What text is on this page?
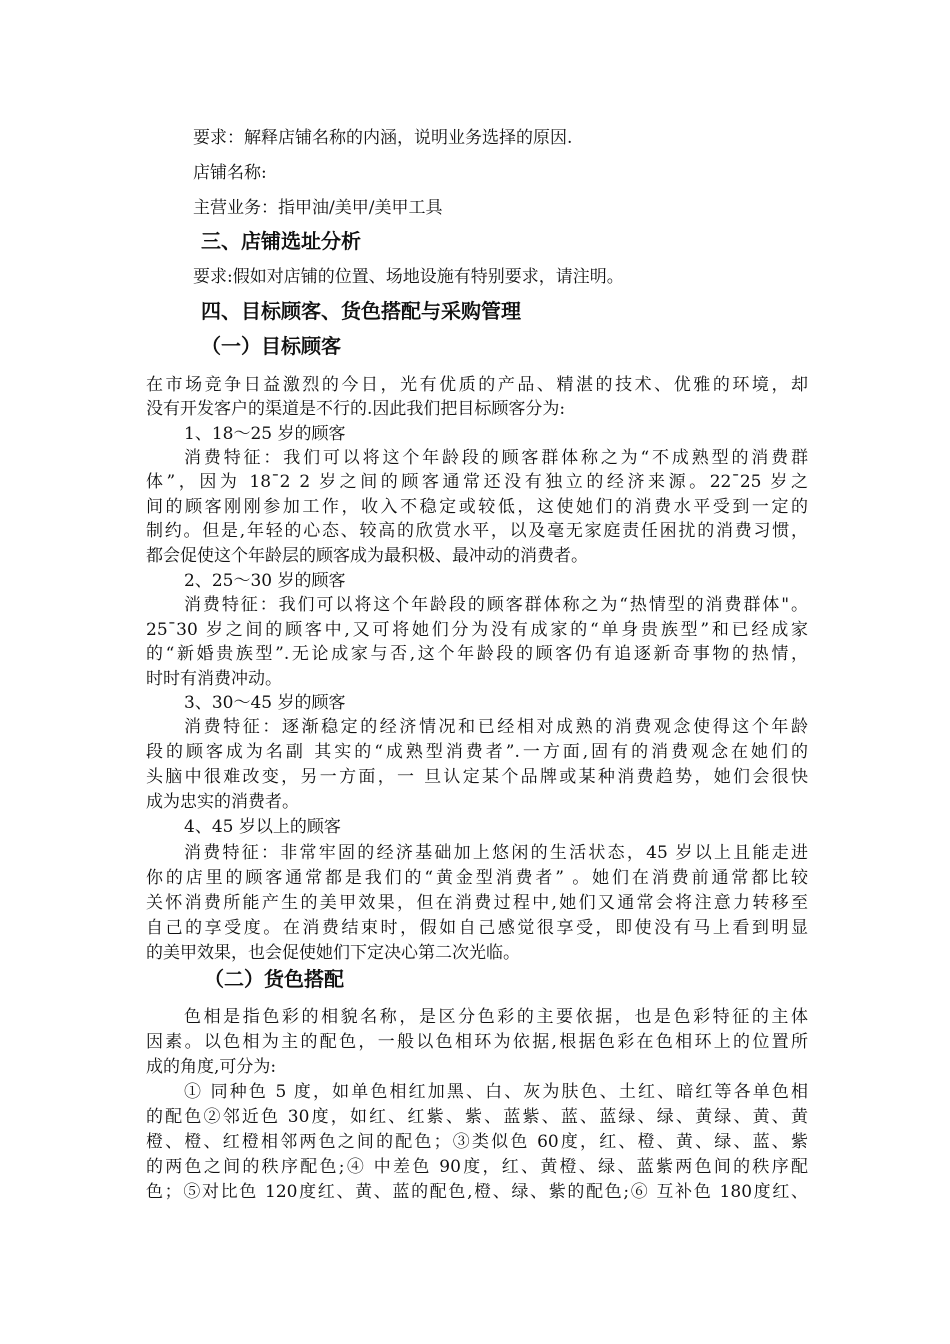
要求：解释店铺名称的内涵，说明业务选择的原因.
店铺名称:
主营业务：指甲油/美甲/美甲工具
三、店铺选址分析
要求:假如对店铺的位置、场地设施有特别要求，请注明。
四、目标顾客、货色搭配与采购管理
（一）目标顾客
在市场竞争日益激烈的今日，光有优质的产品、精湛的技术、优雅的环境，却
没有开发客户的渠道是不行的.因此我们把目标顾客分为:
1、18～25 岁的顾客
消费特征：我们可以将这个年龄段的顾客群体称之为“不成熟型的消费群
体”，因为 18¯2 2 岁之间的顾客通常还没有独立的经济来源。22¯25 岁之
间的顾客刚刚参加工作，收入不稳定或较低，这使她们的消费水平受到一定的
制约。但是,年轻的心态、较高的欣赏水平，以及毫无家庭责任困扰的消费习惯，
都会促使这个年龄层的顾客成为最积极、最冲动的消费者。
2、25～30 岁的顾客
消费特征：我们可以将这个年龄段的顾客群体称之为“热情型的消费群体"。
25¯30 岁之间的顾客中,又可将她们分为没有成家的“单身贵族型”和已经成家
的“新婚贵族型”.无论成家与否,这个年龄段的顾客仍有追逐新奇事物的热情，
时时有消费冲动。
3、30～45 岁的顾客
消费特征：逐渐稳定的经济情况和已经相对成熟的消费观念使得这个年龄
段的顾客成为名副 其实的“成熟型消费者”.一方面,固有的消费观念在她们的
头脑中很难改变，另一方面，一 旦认定某个品牌或某种消费趋势，她们会很快
成为忠实的消费者。
4、45 岁以上的顾客
消费特征：非常牢固的经济基础加上悠闲的生活状态，45 岁以上且能走进
你的店里的顾客通常都是我们的“黄金型消费者” 。她们在消费前通常都比较
关怀消费所能产生的美甲效果，但在消费过程中,她们又通常会将注意力转移至
自己的享受度。在消费结束时，假如自己感觉很享受，即使没有马上看到明显
的美甲效果，也会促使她们下定决心第二次光临。
（二）货色搭配
色相是指色彩的相貌名称，是区分色彩的主要依据，也是色彩特征的主体
因素。以色相为主的配色，一般以色相环为依据,根据色彩在色相环上的位置所
成的角度,可分为:
① 同种色 5 度，如单色相红加黑、白、灰为肤色、土红、暗红等各单色相
的配色②邻近色 30度，如红、红紫、紫、蓝紫、蓝、蓝绿、绿、黄绿、黄、黄
橙、橙、红橙相邻两色之间的配色；③类似色 60度，红、橙、黄、绿、蓝、紫
的两色之间的秩序配色;④ 中差色 90度，红、黄橙、绿、蓝紫两色间的秩序配
色；⑤对比色 120度红、黄、蓝的配色,橙、绿、紫的配色;⑥ 互补色 180度红、
